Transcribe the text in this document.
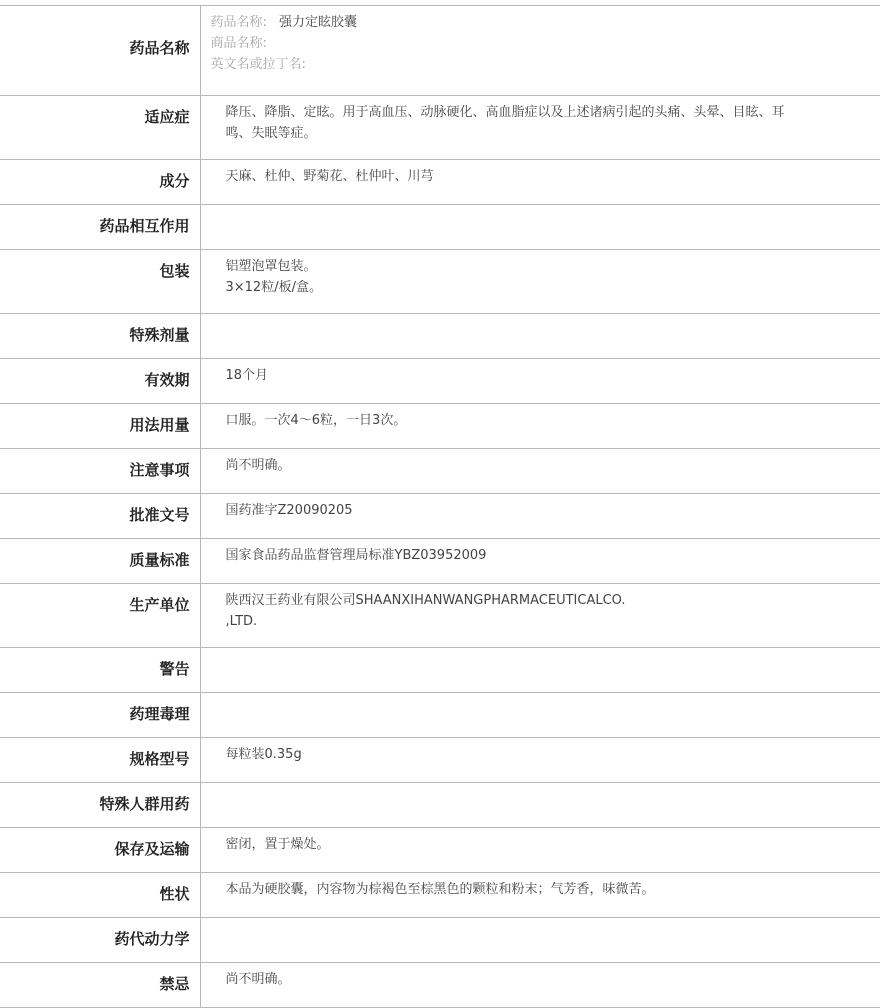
药品名称	药品名称: 强力定眩胶囊
商品名称:
英文名或拉丁名:

适应症	降压、降脂、定眩。用于高血压、动脉硬化、高血脂症以及上述诸病引起的头痛、头晕、目眩、耳鸣、失眠等症。
成分	天麻、杜仲、野菊花、杜仲叶、川芎
药品相互作用	
包装	铝塑泡罩包装。
3×12粒/板/盒。

特殊剂量	
有效期	18个月
用法用量	口服。一次4～6粒，一日3次。
注意事项	尚不明确。
批准文号	国药准字Z20090205
质量标准	国家食品药品监督管理局标准YBZ03952009
生产单位	陕西汉王药业有限公司SHAANXIHANWANGPHARMACEUTICALCO.
,LTD.

警告	
药理毒理	
规格型号	每粒装0.35g
特殊人群用药	
保存及运输	密闭，置于燥处。
性状	本品为硬胶囊，内容物为棕褐色至棕黑色的颗粒和粉末；气芳香，味微苦。
药代动力学	
禁忌	尚不明确。
